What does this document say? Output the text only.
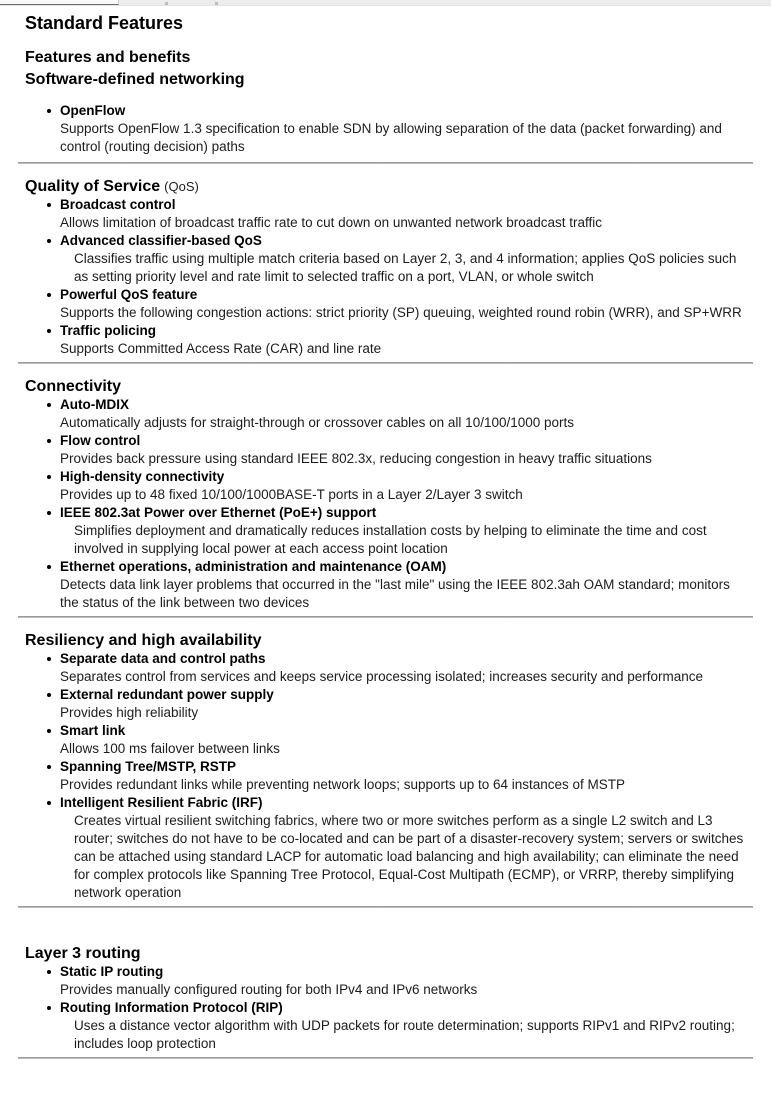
Standard Features
Features and benefits
Software-defined networking
OpenFlow
Supports OpenFlow 1.3 specification to enable SDN by allowing separation of the data (packet forwarding) and control (routing decision) paths
Quality of Service (QoS)
Broadcast control
Allows limitation of broadcast traffic rate to cut down on unwanted network broadcast traffic
Advanced classifier-based QoS
Classifies traffic using multiple match criteria based on Layer 2, 3, and 4 information; applies QoS policies such as setting priority level and rate limit to selected traffic on a port, VLAN, or whole switch
Powerful QoS feature
Supports the following congestion actions: strict priority (SP) queuing, weighted round robin (WRR), and SP+WRR
Traffic policing
Supports Committed Access Rate (CAR) and line rate
Connectivity
Auto-MDIX
Automatically adjusts for straight-through or crossover cables on all 10/100/1000 ports
Flow control
Provides back pressure using standard IEEE 802.3x, reducing congestion in heavy traffic situations
High-density connectivity
Provides up to 48 fixed 10/100/1000BASE-T ports in a Layer 2/Layer 3 switch
IEEE 802.3at Power over Ethernet (PoE+) support
Simplifies deployment and dramatically reduces installation costs by helping to eliminate the time and cost involved in supplying local power at each access point location
Ethernet operations, administration and maintenance (OAM)
Detects data link layer problems that occurred in the "last mile" using the IEEE 802.3ah OAM standard; monitors the status of the link between two devices
Resiliency and high availability
Separate data and control paths
Separates control from services and keeps service processing isolated; increases security and performance
External redundant power supply
Provides high reliability
Smart link
Allows 100 ms failover between links
Spanning Tree/MSTP, RSTP
Provides redundant links while preventing network loops; supports up to 64 instances of MSTP
Intelligent Resilient Fabric (IRF)
Creates virtual resilient switching fabrics, where two or more switches perform as a single L2 switch and L3 router; switches do not have to be co-located and can be part of a disaster-recovery system; servers or switches can be attached using standard LACP for automatic load balancing and high availability; can eliminate the need for complex protocols like Spanning Tree Protocol, Equal-Cost Multipath (ECMP), or VRRP, thereby simplifying network operation
Layer 3 routing
Static IP routing
Provides manually configured routing for both IPv4 and IPv6 networks
Routing Information Protocol (RIP)
Uses a distance vector algorithm with UDP packets for route determination; supports RIPv1 and RIPv2 routing; includes loop protection
